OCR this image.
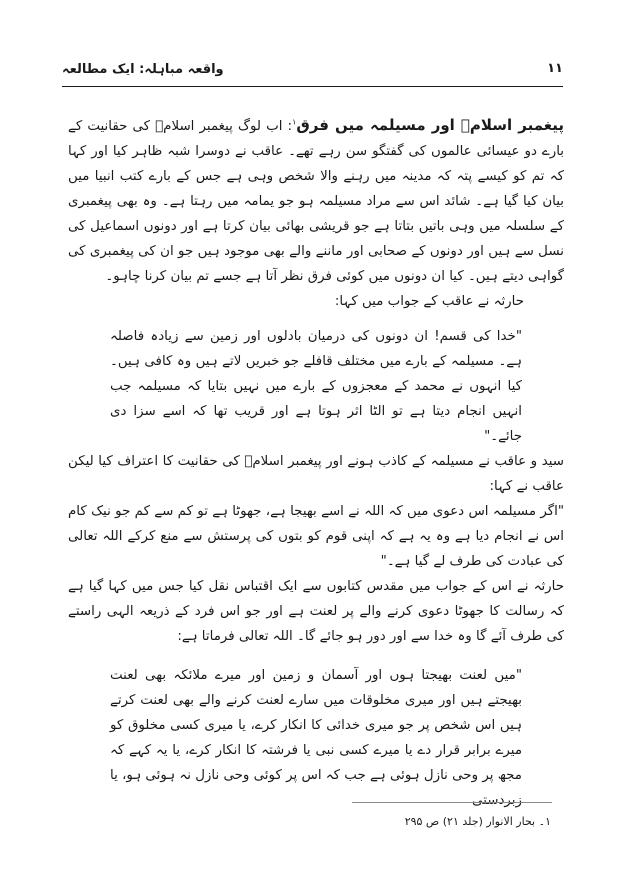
واقعہ مباہلہ: ایک مطالعہ	۱۱

پیغمبر اسلامؑ اور مسیلمہ میں فرق$^۱$: اب لوگ پیغمبر اسلامؑ کی حقانیت کے بارے دو عیسائی عالموں کی گفتگو سن رہے تھے۔ عاقب نے دوسرا شبہ ظاہر کیا اور کہا کہ تم کو کیسے پتہ کہ مدینہ میں رہنے والا شخص وہی ہے جس کے بارے کتب انبیا میں بیان کیا گیا ہے۔ شائد اس سے مراد مسیلمہ ہو جو یمامہ میں رہتا ہے۔ وہ بھی پیغمبری کے سلسلہ میں وہی باتیں بتاتا ہے جو قریشی بھائی بیان کرتا ہے اور دونوں اسماعیل کی نسل سے ہیں اور دونوں کے صحابی اور ماننے والے بھی موجود ہیں جو ان کی پیغمبری کی گواہی دیتے ہیں۔ کیا ان دونوں میں کوئی فرق نظر آتا ہے جسے تم بیان کرنا چاہو۔

حارثہ نے عاقب کے جواب میں کہا:

"خدا کی قسم! ان دونوں کی درمیان بادلوں اور زمین سے زیادہ فاصلہ ہے۔ مسیلمہ کے بارے میں مختلف قافلے جو خبریں لاتے ہیں وہ کافی ہیں۔ کیا انہوں نے محمد کے معجزوں کے بارے میں نہیں بتایا کہ مسیلمہ جب انہیں انجام دیتا ہے تو الٹا اثر ہوتا ہے اور قریب تھا کہ اسے سزا دی جائے۔"

سید و عاقب نے مسیلمہ کے کاذب ہونے اور پیغمبر اسلامؑ کی حقانیت کا اعتراف کیا لیکن عاقب نے کہا:

"اگر مسیلمہ اس دعوی میں کہ اللہ نے اسے بھیجا ہے، جھوٹا ہے تو کم سے کم جو نیک کام اس نے انجام دیا ہے وہ یہ ہے کہ اپنی قوم کو بتوں کی پرستش سے منع کرکے اللہ تعالی کی عبادت کی طرف لے گیا ہے۔"

حارثہ نے اس کے جواب میں مقدس کتابوں سے ایک اقتباس نقل کیا جس میں کہا گیا ہے کہ رسالت کا جھوٹا دعوی کرنے والے پر لعنت ہے اور جو اس فرد کے ذریعہ الہی راستے کی طرف آئے گا وہ خدا سے اور دور ہو جائے گا۔ اللہ تعالی فرماتا ہے:

"میں لعنت بھیجتا ہوں اور آسمان و زمین اور میرے ملائکہ بھی لعنت بھیجتے ہیں اور میری مخلوقات میں سارے لعنت کرنے والے بھی لعنت کرتے ہیں اس شخص پر جو میری خدائی کا انکار کرے، یا میری کسی مخلوق کو میرے برابر قرار دے یا میرے کسی نبی یا فرشتہ کا انکار کرے، یا یہ کہے کہ مجھ پر وحی نازل ہوئی ہے جب کہ اس پر کوئی وحی نازل نہ ہوئی ہو، یا زبردستی

۱۔ بحار الانوار (جلد ۲۱) ص ۲۹۵
